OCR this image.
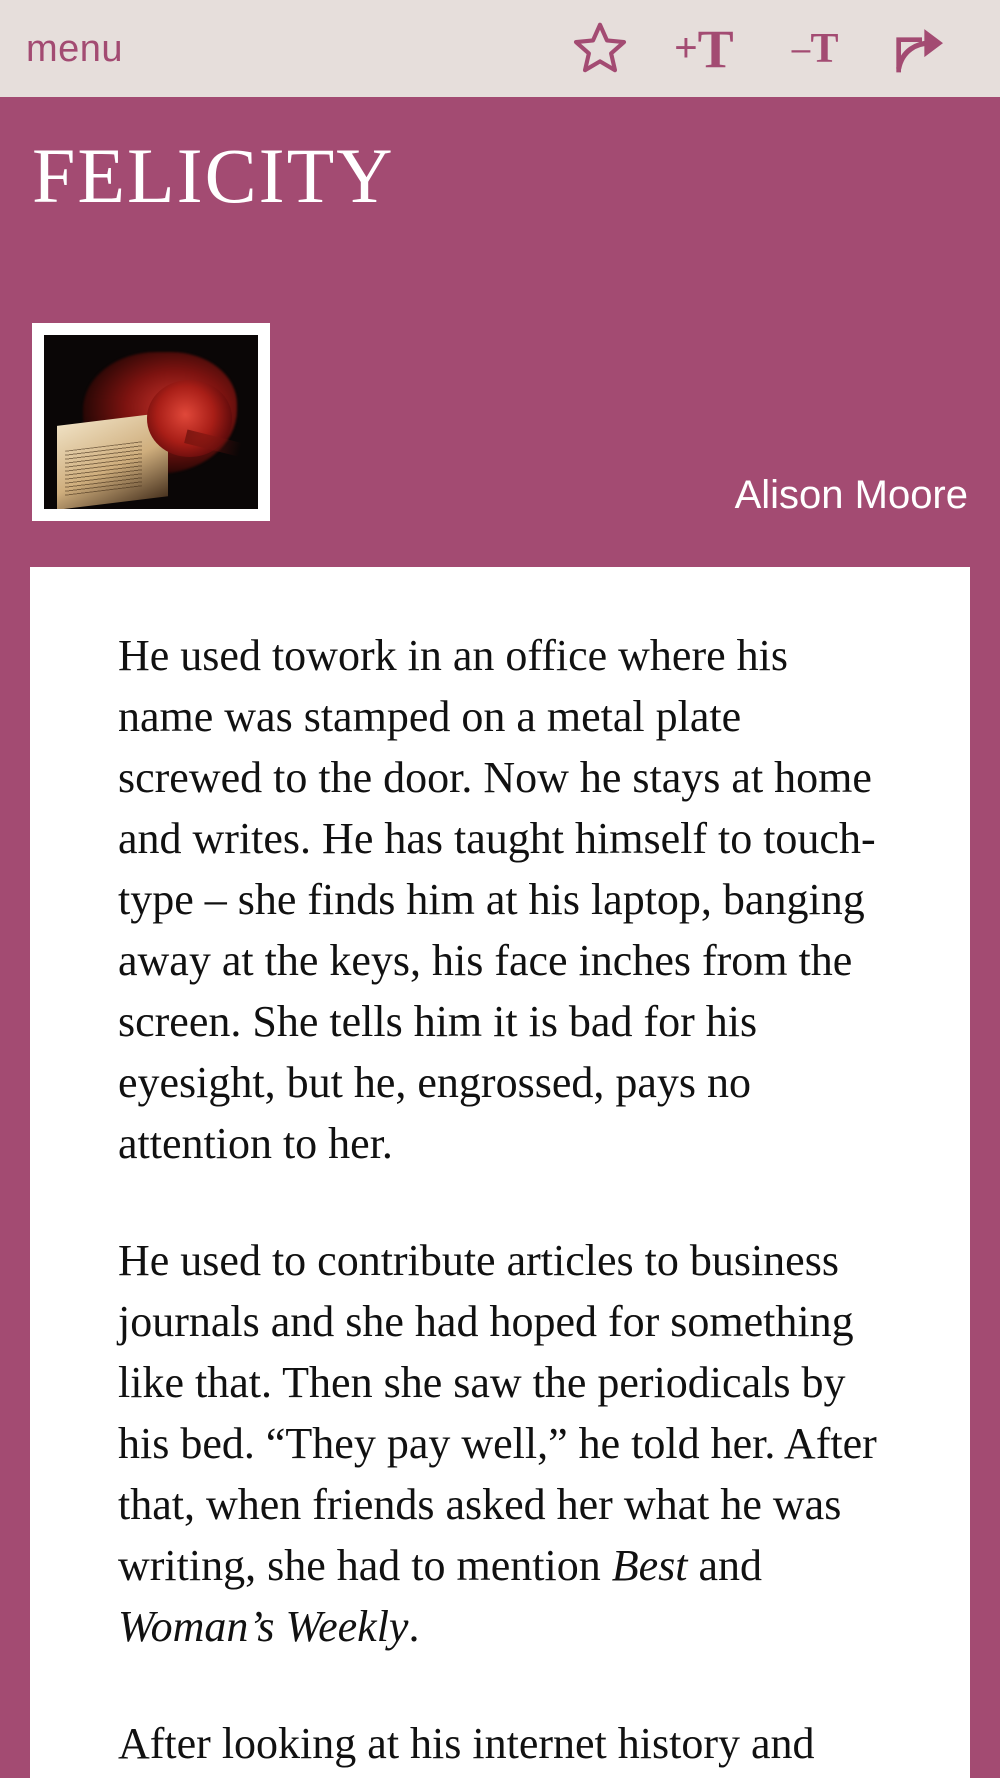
menu	+T –T
FELICITY
Alison Moore

He used towork in an office where his name was stamped on a metal plate screwed to the door. Now he stays at home and writes. He has taught himself to touch-type – she finds him at his laptop, banging away at the keys, his face inches from the screen. She tells him it is bad for his eyesight, but he, engrossed, pays no attention to her.

He used to contribute articles to business journals and she had hoped for something like that. Then she saw the periodicals by his bed. “They pay well,” he told her. After that, when friends asked her what he was writing, she had to mention Best and Woman’s Weekly.

After looking at his internet history and
